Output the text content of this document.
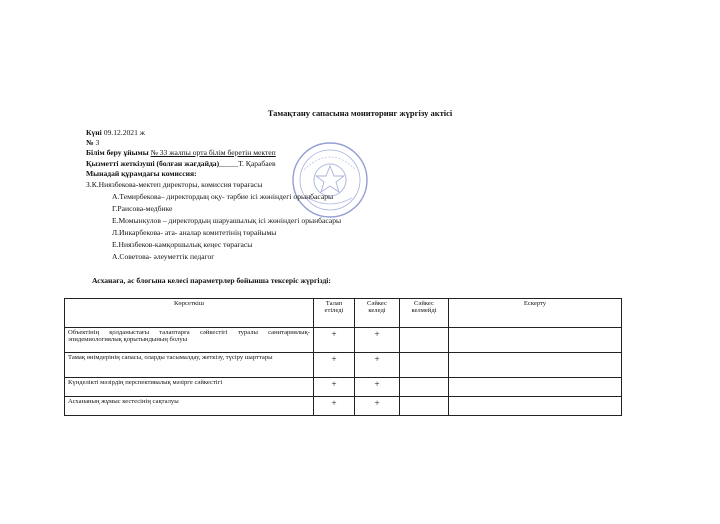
Тамақтану сапасына мониторинг жүргізу актісі
Күні 09.12.2021 ж
№ 3
Білім беру ұйымы № 33 жалпы орта білім беретін мектеп
Қызметті жеткізуші (болған жағдайда)_____Т. Қарабаев
Мынадай құрамдағы комиссия:
З.К.Ниязбекова-мектеп директоры, комиссия төрағасы
А.Темирбекова– директордың оқу- тәрбие ісі жөніндегі орынбасары
Г.Раисова-медбике
Е.Момынкулов – директордың шаруашылық ісі жөніндегі орынбасары
Л.Инкарбекова- ата- аналар комитетінің төрайымы
Е.Ниязбеков-камқоршылық кеңес төрағасы
А.Советова- әлеуметтік педагог
Асханаға, ас блогына келесі параметрлер бойынша тексеріс жүргізді:
Көрсеткіш	Талап етіледі	Сәйкес келеді	Сәйкес келмейді	Ескерту
Объектінің қолданыстағы талаптарға сәйкестігі туралы санитариялық-эпидемиологиялық қорытындының болуы	+	+		
Тамақ өнімдерінің сапасы, оларды тасымалдау, жеткізу, түсіру шарттары	+	+		
Күнделікті мәзірдің перспективалық мәзірге сәйкестігі	+	+		
Асхананың жұмыс кестесінің сақталуы	+	+		
